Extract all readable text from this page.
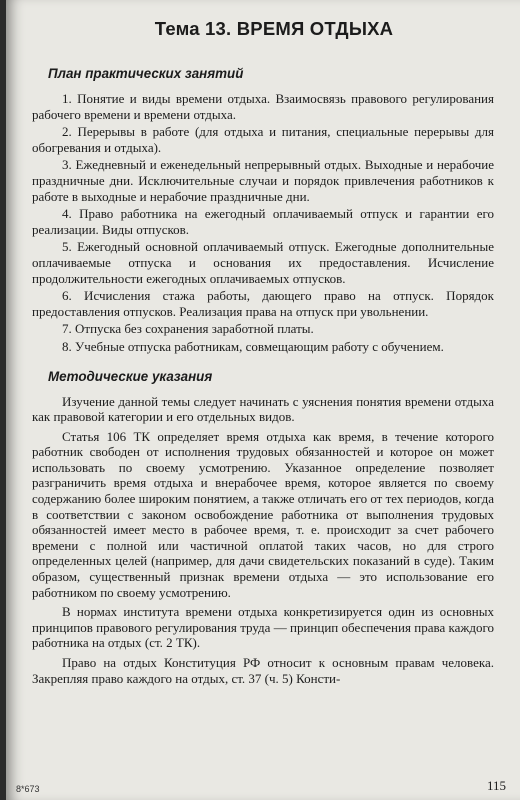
Тема 13. ВРЕМЯ ОТДЫХА
План практических занятий

1. Понятие и виды времени отдыха. Взаимосвязь правового регулирования рабочего времени и времени отдыха.

2. Перерывы в работе (для отдыха и питания, специальные перерывы для обогревания и отдыха).

3. Ежедневный и еженедельный непрерывный отдых. Выходные и нерабочие праздничные дни. Исключительные случаи и порядок привлечения работников к работе в выходные и нерабочие праздничные дни.

4. Право работника на ежегодный оплачиваемый отпуск и гарантии его реализации. Виды отпусков.

5. Ежегодный основной оплачиваемый отпуск. Ежегодные дополнительные оплачиваемые отпуска и основания их предоставления. Исчисление продолжительности ежегодных оплачиваемых отпусков.

6. Исчисления стажа работы, дающего право на отпуск. Порядок предоставления отпусков. Реализация права на отпуск при увольнении.

7. Отпуска без сохранения заработной платы.

8. Учебные отпуска работникам, совмещающим работу с обучением.

Методические указания

Изучение данной темы следует начинать с уяснения понятия времени отдыха как правовой категории и его отдельных видов.

Статья 106 ТК определяет время отдыха как время, в течение которого работник свободен от исполнения трудовых обязанностей и которое он может использовать по своему усмотрению. Указанное определение позволяет разграничить время отдыха и внерабочее время, которое является по своему содержанию более широким понятием, а также отличать его от тех периодов, когда в соответствии с законом освобождение работника от выполнения трудовых обязанностей имеет место в рабочее время, т. е. происходит за счет рабочего времени с полной или частичной оплатой таких часов, но для строго определенных целей (например, для дачи свидетельских показаний в суде). Таким образом, существенный признак времени отдыха — это использование его работником по своему усмотрению.

В нормах института времени отдыха конкретизируется один из основных принципов правового регулирования труда — принцип обеспечения права каждого работника на отдых (ст. 2 ТК).

Право на отдых Конституция РФ относит к основным правам человека. Закрепляя право каждого на отдых, ст. 37 (ч. 5) Консти-

8*673	115
